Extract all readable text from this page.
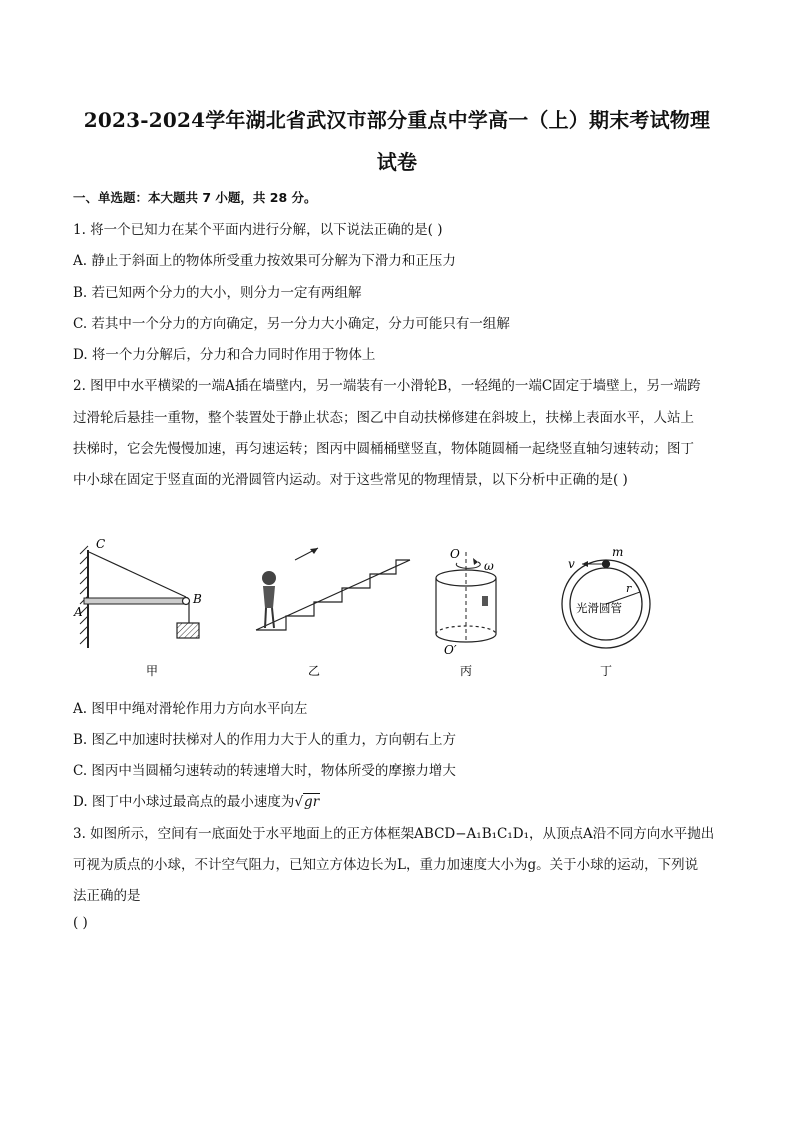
2023-2024学年湖北省武汉市部分重点中学高一（上）期末考试物理
试卷
一、单选题：本大题共 7 小题，共 28 分。
1. 将一个已知力在某个平面内进行分解，以下说法正确的是( )
A. 静止于斜面上的物体所受重力按效果可分解为下滑力和正压力
B. 若已知两个分力的大小，则分力一定有两组解
C. 若其中一个分力的方向确定，另一分力大小确定，分力可能只有一组解
D. 将一个力分解后，分力和合力同时作用于物体上
2. 图甲中水平横梁的一端A插在墙壁内，另一端装有一小滑轮B，一轻绳的一端C固定于墙壁上，另一端跨
过滑轮后悬挂一重物，整个装置处于静止状态；图乙中自动扶梯修建在斜坡上，扶梯上表面水平，人站上
扶梯时，它会先慢慢加速，再匀速运转；图丙中圆桶桶壁竖直，物体随圆桶一起绕竖直轴匀速转动；图丁
中小球在固定于竖直面的光滑圆管内运动。对于这些常见的物理情景，以下分析中正确的是( )
C
A
B
甲	乙
O
ω
O′
丙
v
m
r
光滑圆管
丁
A. 图甲中绳对滑轮作用力方向水平向左
B. 图乙中加速时扶梯对人的作用力大于人的重力，方向朝右上方
C. 图丙中当圆桶匀速转动的转速增大时，物体所受的摩擦力增大
D. 图丁中小球过最高点的最小速度为√gr
3. 如图所示，空间有一底面处于水平地面上的正方体框架ABCD−A₁B₁C₁D₁，从顶点A沿不同方向水平抛出
可视为质点的小球，不计空气阻力，已知立方体边长为L，重力加速度大小为g。关于小球的运动，下列说
法正确的是
( )
